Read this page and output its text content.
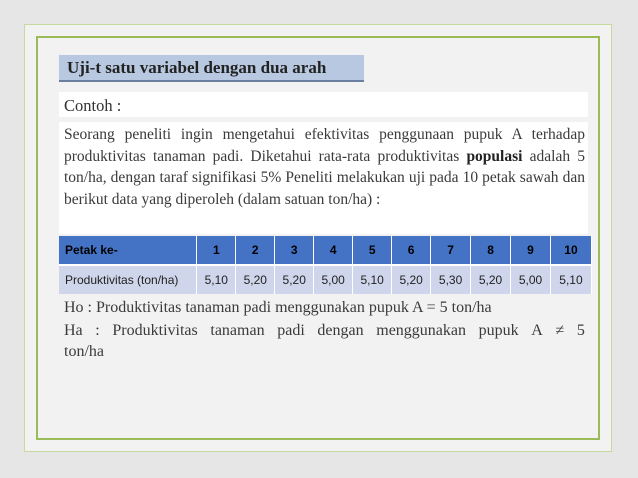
Uji-t satu variabel dengan dua arah
Contoh :
Seorang peneliti ingin mengetahui efektivitas penggunaan pupuk A terhadap produktivitas tanaman padi. Diketahui rata-rata produktivitas populasi adalah 5 ton/ha, dengan taraf signifikasi 5% Peneliti melakukan uji pada 10 petak sawah dan berikut data yang diperoleh (dalam satuan ton/ha) :
Petak ke-	1	2	3	4	5	6	7	8	9	10
Produktivitas (ton/ha)	5,10	5,20	5,20	5,00	5,10	5,20	5,30	5,20	5,00	5,10
Ho : Produktivitas tanaman padi menggunakan pupuk A = 5 ton/ha
Ha : Produktivitas tanaman padi dengan menggunakan pupuk A ≠ 5
ton/ha
